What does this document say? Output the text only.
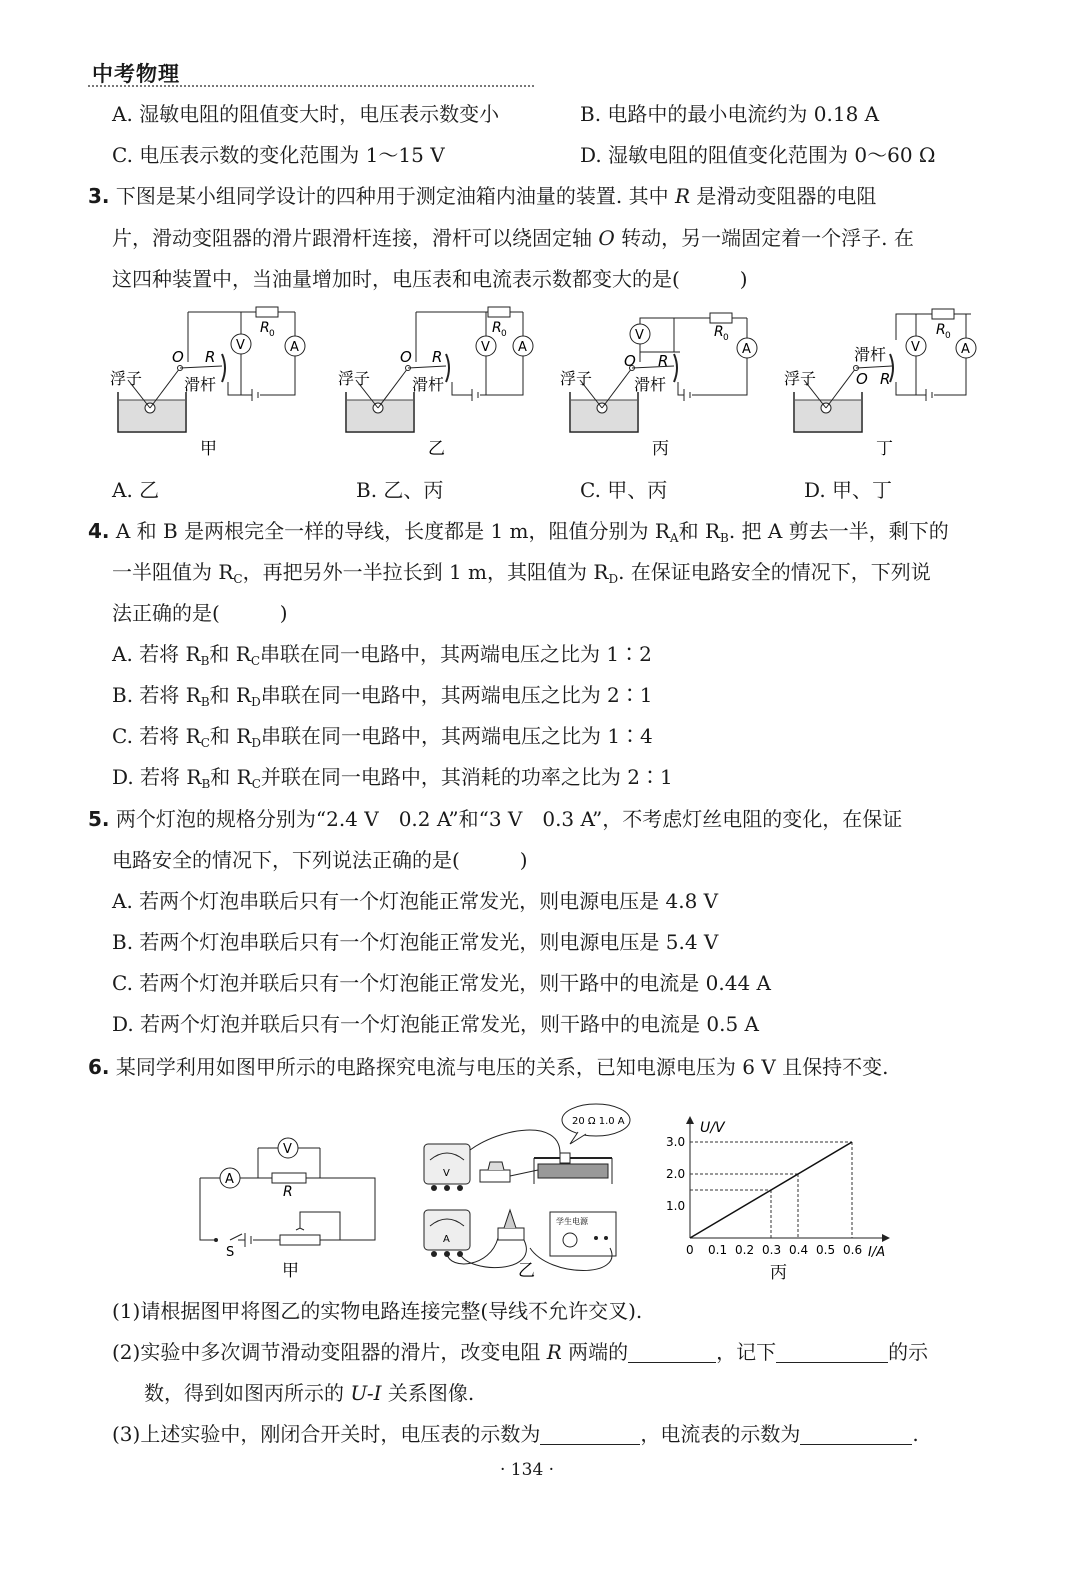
中考物理
A. 湿敏电阻的阻值变大时，电压表示数变小	B. 电路中的最小电流约为 0.18 A
C. 电压表示数的变化范围为 1～15 V	D. 湿敏电阻的阻值变化范围为 0～60 Ω
3. 下图是某小组同学设计的四种用于测定油箱内油量的装置. 其中 R 是滑动变阻器的电阻
片，滑动变阻器的滑片跟滑杆连接，滑杆可以绕固定轴 O 转动，另一端固定着一个浮子. 在
这四种装置中，当油量增加时，电压表和电流表示数都变大的是(　　　)
V	A
R 0
O R
浮子	滑杆
甲
V A
R 0
O R
浮子	滑杆
乙
V
A
R 0
O R
浮子	滑杆
丙
V	A
R 0
O R
浮子
滑杆
丁
A. 乙	B. 乙、丙	C. 甲、丙	D. 甲、丁
4. A 和 B 是两根完全一样的导线，长度都是 1 m，阻值分别为 $R_A$和 $R_B$. 把 A 剪去一半，剩下的
一半阻值为 $R_C$，再把另外一半拉长到 1 m，其阻值为 $R_D$. 在保证电路安全的情况下，下列说
法正确的是(　　　)
A. 若将 $R_B$和 $R_C$串联在同一电路中，其两端电压之比为 1∶2
B. 若将 $R_B$和 $R_D$串联在同一电路中，其两端电压之比为 2∶1
C. 若将 $R_C$和 $R_D$串联在同一电路中，其两端电压之比为 1∶4
D. 若将 $R_B$和 $R_C$并联在同一电路中，其消耗的功率之比为 2∶1
5. 两个灯泡的规格分别为“2.4 V　0.2 A”和“3 V　0.3 A”，不考虑灯丝电阻的变化，在保证
电路安全的情况下，下列说法正确的是(　　　)
A. 若两个灯泡串联后只有一个灯泡能正常发光，则电源电压是 4.8 V
B. 若两个灯泡串联后只有一个灯泡能正常发光，则电源电压是 5.4 V
C. 若两个灯泡并联后只有一个灯泡能正常发光，则干路中的电流是 0.44 A
D. 若两个灯泡并联后只有一个灯泡能正常发光，则干路中的电流是 0.5 A
6. 某同学利用如图甲所示的电路探究电流与电压的关系，已知电源电压为 6 V 且保持不变.
V
A
R
S
甲
20 Ω 1.0 A
V
A
学生电源
乙
0 0.1 0.2 0.3 0.4 0.5 0.6
1.0
2.0
3.0
U/V
I/A
丙
(1)请根据图甲将图乙的实物电路连接完整(导线不允许交叉).
(2)实验中多次调节滑动变阻器的滑片，改变电阻 R 两端的	，记下	的示
数，得到如图丙所示的 U-I 关系图像.
(3)上述实验中，刚闭合开关时，电压表的示数为	，电流表的示数为	.
· 134 ·
